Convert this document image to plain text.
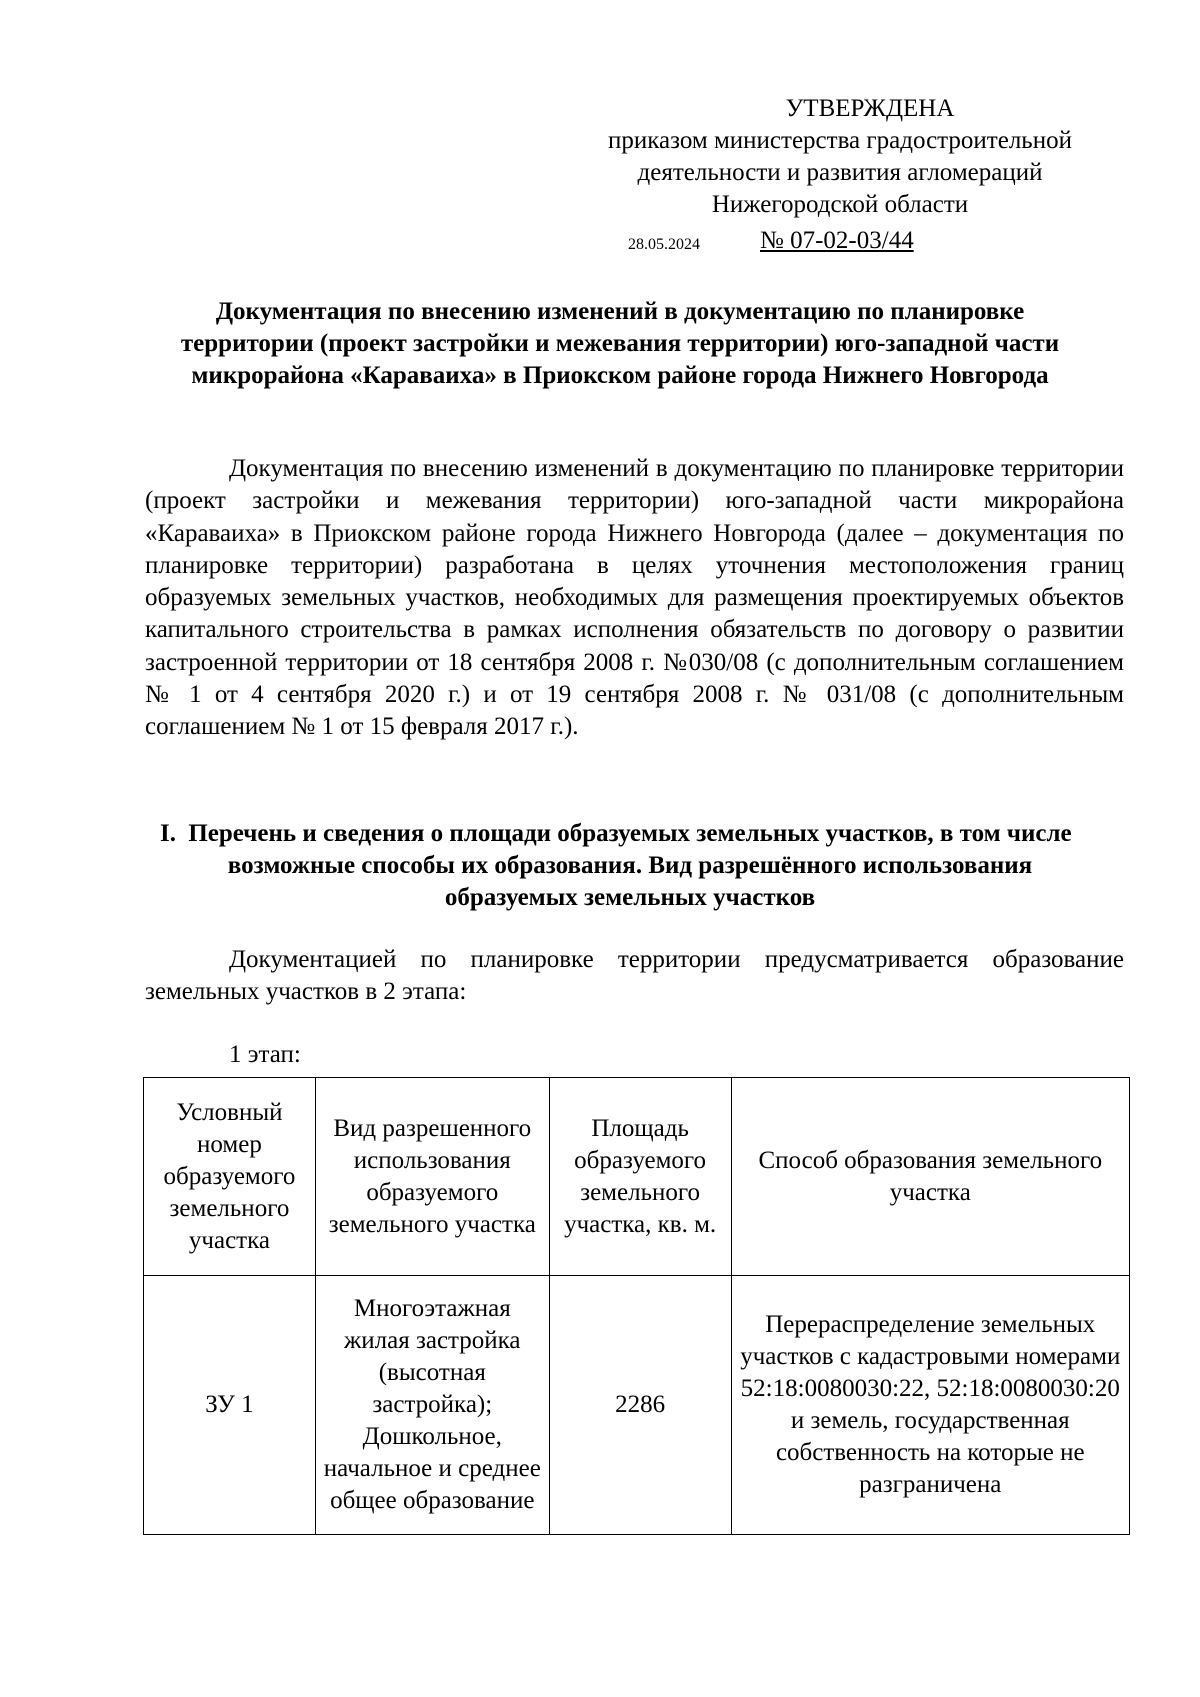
УТВЕРЖДЕНА
приказом министерства градостроительной
деятельности и развития агломераций
Нижегородской области
28.05.2024 № 07-02-03/44
Документация по внесению изменений в документацию по планировке территории (проект застройки и межевания территории) юго-западной части микрорайона «Караваиха» в Приокском районе города Нижнего Новгорода

Документация по внесению изменений в документацию по планировке территории (проект застройки и межевания территории) юго-западной части микрорайона «Караваиха» в Приокском районе города Нижнего Новгорода (далее – документация по планировке территории) разработана в целях уточнения местоположения границ образуемых земельных участков, необходимых для размещения проектируемых объектов капитального строительства в рамках исполнения обязательств по договору о развитии застроенной территории от 18 сентября 2008 г. №030/08 (с дополнительным соглашением № 1 от 4 сентября 2020 г.) и от 19 сентября 2008 г. № 031/08 (с дополнительным соглашением № 1 от 15 февраля 2017 г.).

I. Перечень и сведения о площади образуемых земельных участков, в том числе возможные способы их образования. Вид разрешённого использования образуемых земельных участков

Документацией по планировке территории предусматривается образование земельных участков в 2 этапа:

1 этап:
Условный номер образуемого земельного участка	Вид разрешенного использования образуемого земельного участка	Площадь образуемого земельного участка, кв. м.	Способ образования земельного участка
ЗУ 1	Многоэтажная жилая застройка (высотная застройка); Дошкольное, начальное и среднее общее образование	2286	Перераспределение земельных участков с кадастровыми номерами 52:18:0080030:22, 52:18:0080030:20 и земель, государственная собственность на которые не разграничена
